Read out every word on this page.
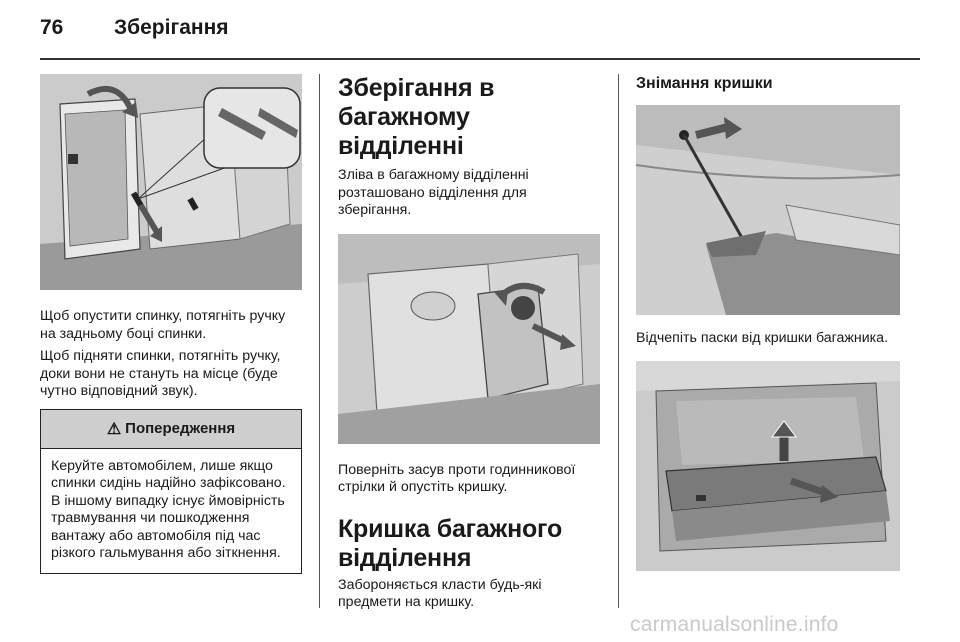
76 Зберігання

Щоб опустити спинку, потягніть ручку на задньому боці спинки.

Щоб підняти спинки, потягніть ручку, доки вони не стануть на місце (буде чутно відповідний звук).

⚠ Попередження
Керуйте автомобілем, лише якщо спинки сидінь надійно зафіксовано. В іншому випадку існує ймовірність травмування чи пошкодження вантажу або автомобіля під час різкого гальмування або зіткнення.
Зберігання в багажному відділенні

Зліва в багажному відділенні розташовано відділення для зберігання.

Поверніть засув проти годинникової стрілки й опустіть кришку.

Кришка багажного відділення

Забороняється класти будь-які предмети на кришку.

Знімання кришки

Відчепіть паски від кришки багажника.

carmanualsonline.info
